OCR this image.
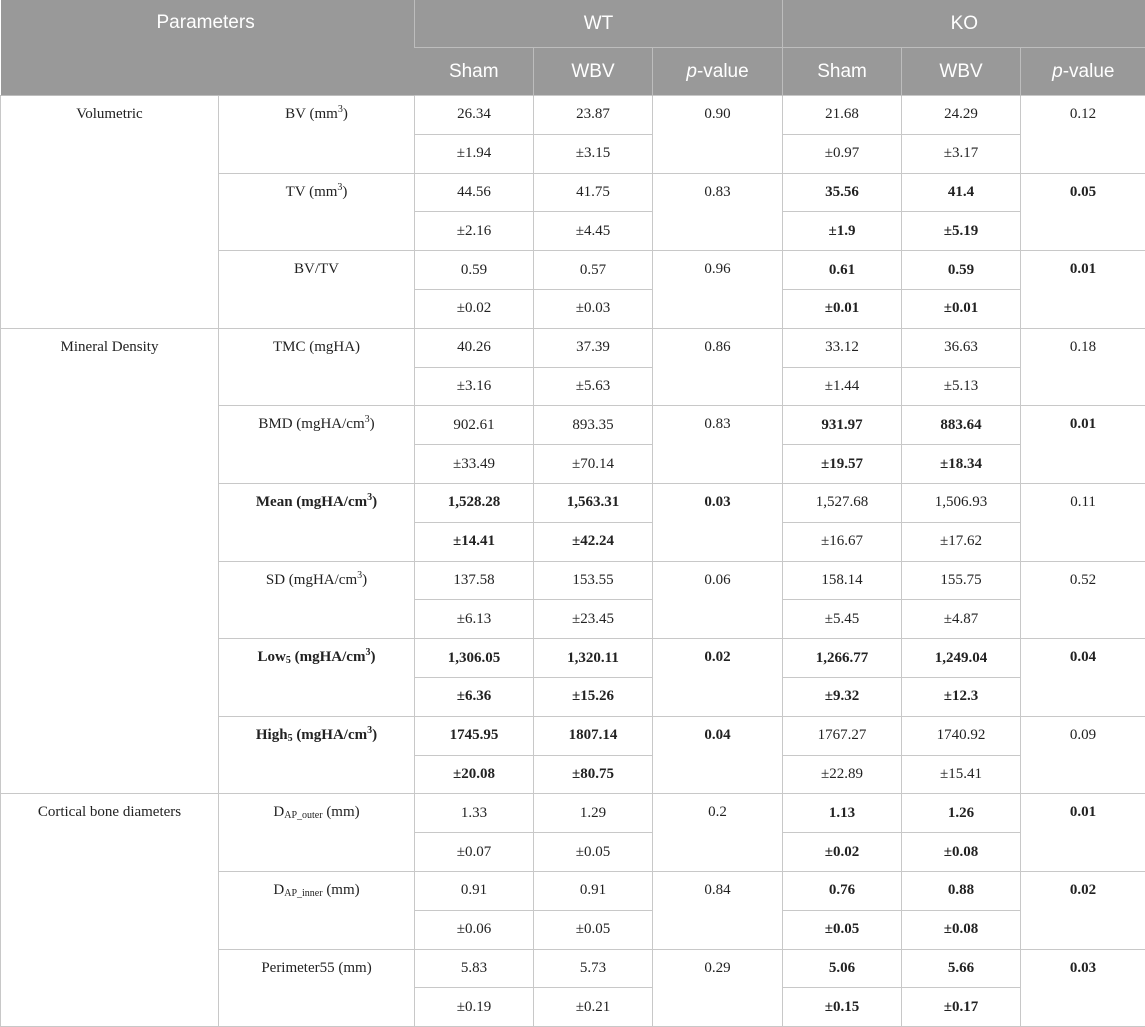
Parameters		WT			KO		
		Sham	WBV	p-value	Sham	WBV	p-value
Volumetric	BV $(mm^3)$	26.34	23.87	0.90	21.68	24.29	0.12
		±1.94	±3.15		±0.97	±3.17	
	TV $(mm^3)$	44.56	41.75	0.83	35.56	41.4	0.05
		±2.16	±4.45		±1.9	±5.19	
	BV/TV	0.59	0.57	0.96	0.61	0.59	0.01
		±0.02	±0.03		±0.01	±0.01	
Mineral Density	TMC (mgHA)	40.26	37.39	0.86	33.12	36.63	0.18
		±3.16	±5.63		±1.44	±5.13	
	BMD $(mgHA/cm^3)$	902.61	893.35	0.83	931.97	883.64	0.01
		±33.49	±70.14		±19.57	±18.34	
	Mean $(mgHA/cm^3)$	1,528.28	1,563.31	0.03	1,527.68	1,506.93	0.11
		±14.41	±42.24		±16.67	±17.62	
	SD $(mgHA/cm^3)$	137.58	153.55	0.06	158.14	155.75	0.52
		±6.13	±23.45		±5.45	±4.87	
	Low$_5$ $(mgHA/cm^3)$	1,306.05	1,320.11	0.02	1,266.77	1,249.04	0.04
		±6.36	±15.26		±9.32	±12.3	
	High$_5$ $(mgHA/cm^3)$	1745.95	1807.14	0.04	1767.27	1740.92	0.09
		±20.08	±80.75		±22.89	±15.41	
Cortical bone diameters	$D_{AP\_outer}$ (mm)	1.33	1.29	0.2	1.13	1.26	0.01
		±0.07	±0.05		±0.02	±0.08	
	$D_{AP\_inner}$ (mm)	0.91	0.91	0.84	0.76	0.88	0.02
		±0.06	±0.05		±0.05	±0.08	
	Perimeter55 (mm)	5.83	5.73	0.29	5.06	5.66	0.03
		±0.19	±0.21		±0.15	±0.17	
